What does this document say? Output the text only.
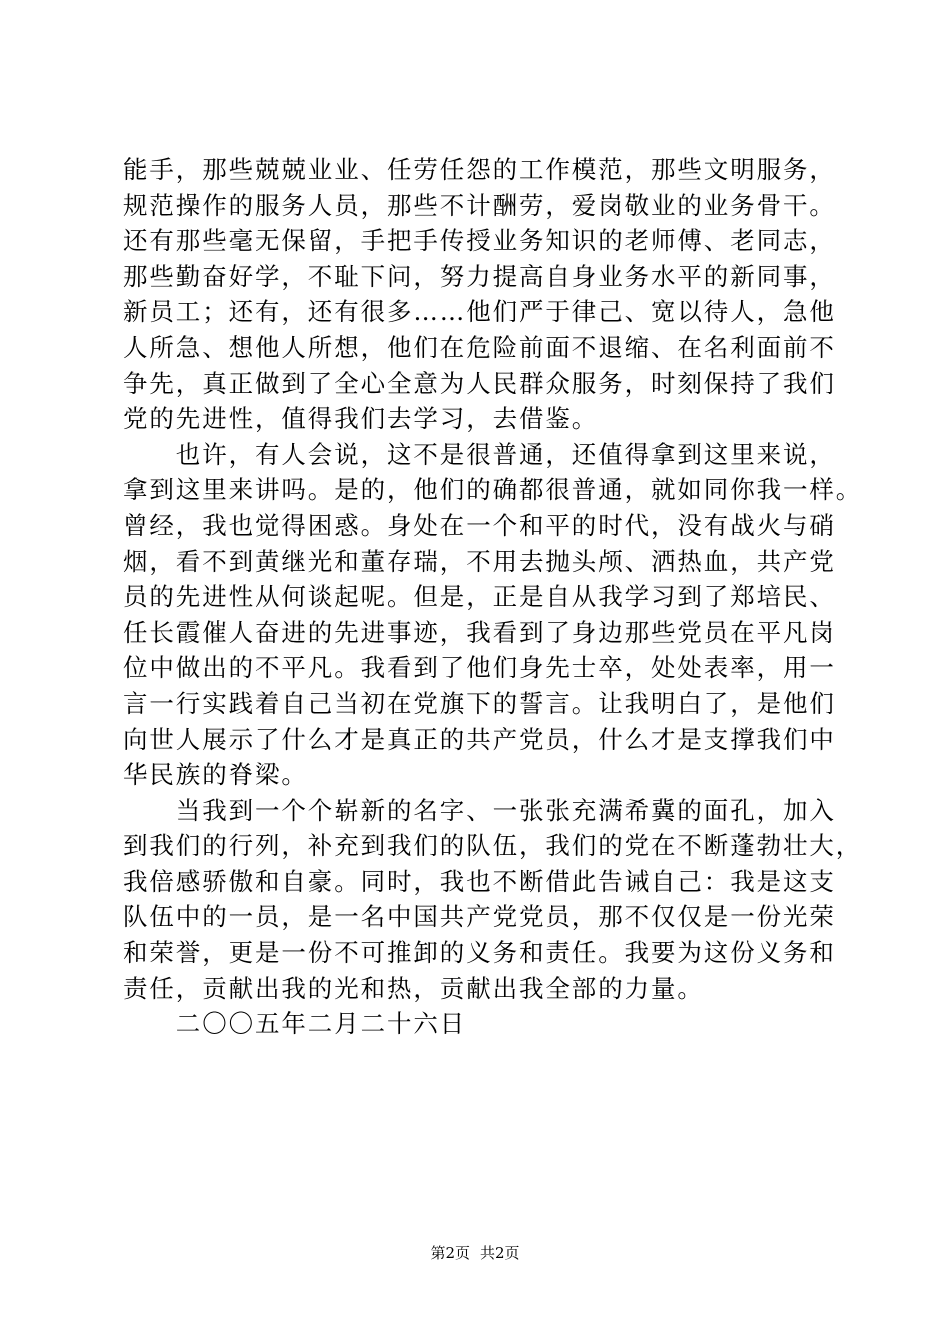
能手，那些兢兢业业、任劳任怨的工作模范，那些文明服务，
规范操作的服务人员，那些不计酬劳，爱岗敬业的业务骨干。
还有那些毫无保留，手把手传授业务知识的老师傅、老同志，
那些勤奋好学，不耻下问，努力提高自身业务水平的新同事，
新员工；还有，还有很多……他们严于律己、宽以待人，急他
人所急、想他人所想，他们在危险前面不退缩、在名利面前不
争先，真正做到了全心全意为人民群众服务，时刻保持了我们
党的先进性，值得我们去学习，去借鉴。
　　也许，有人会说，这不是很普通，还值得拿到这里来说，
拿到这里来讲吗。是的，他们的确都很普通，就如同你我一样。
曾经，我也觉得困惑。身处在一个和平的时代，没有战火与硝
烟，看不到黄继光和董存瑞，不用去抛头颅、洒热血，共产党
员的先进性从何谈起呢。但是，正是自从我学习到了郑培民、
任长霞催人奋进的先进事迹，我看到了身边那些党员在平凡岗
位中做出的不平凡。我看到了他们身先士卒，处处表率，用一
言一行实践着自己当初在党旗下的誓言。让我明白了，是他们
向世人展示了什么才是真正的共产党员，什么才是支撑我们中
华民族的脊梁。
　　当我到一个个崭新的名字、一张张充满希冀的面孔，加入
到我们的行列，补充到我们的队伍，我们的党在不断蓬勃壮大，
我倍感骄傲和自豪。同时，我也不断借此告诫自己：我是这支
队伍中的一员，是一名中国共产党党员，那不仅仅是一份光荣
和荣誉，更是一份不可推卸的义务和责任。我要为这份义务和
责任，贡献出我的光和热，贡献出我全部的力量。
　　二〇〇五年二月二十六日
第2页 共2页
